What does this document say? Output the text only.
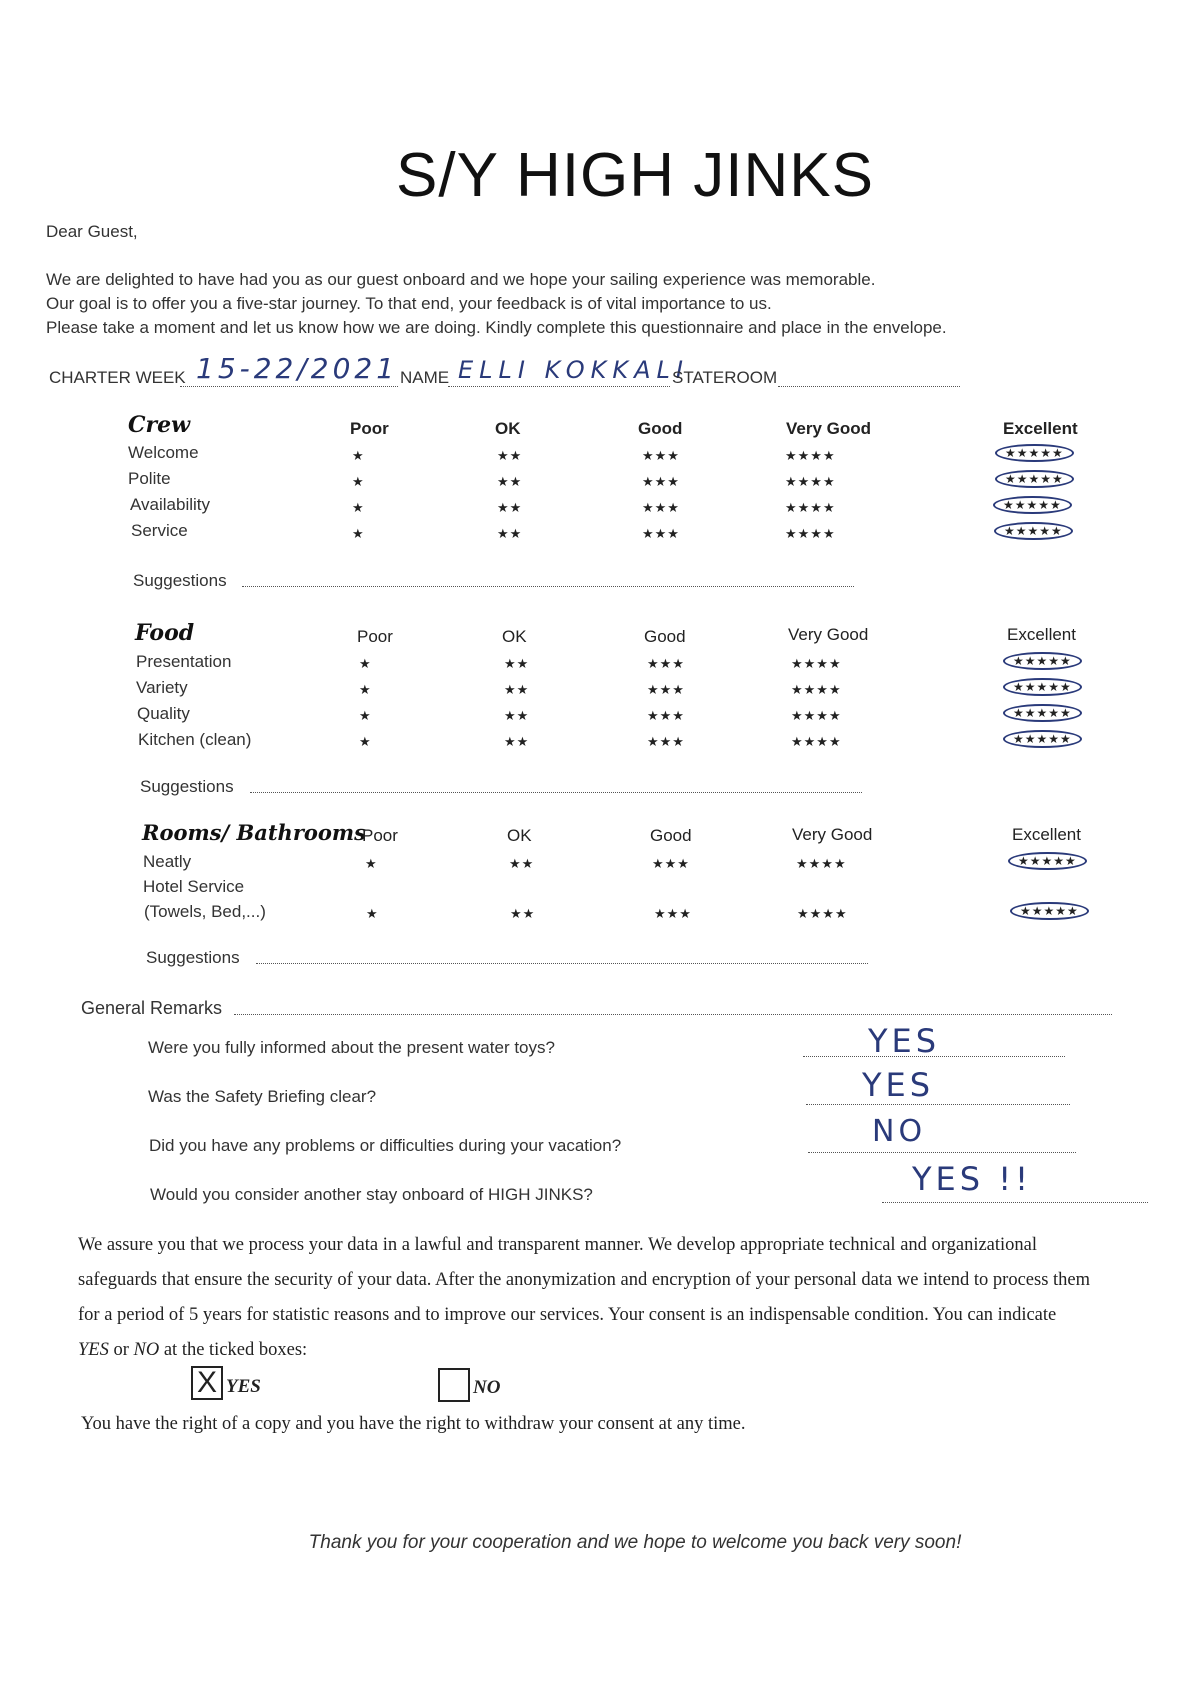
S/Y HIGH JINKS
Dear Guest,
We are delighted to have had you as our guest onboard and we hope your sailing experience was memorable.
Our goal is to offer you a five-star journey. To that end, your feedback is of vital importance to us.
Please take a moment and let us know how we are doing. Kindly complete this questionnaire and place in the envelope.
CHARTER WEEK 15-22/2021 NAME ELLI KOKKALI
STATEROOM
Crew	Poor	OK	Good	Very Good	Excellent
Welcome	★	★★	★★★	★★★★	★★★★★
Polite	★	★★	★★★	★★★★	★★★★★
Availability	★	★★	★★★	★★★★	★★★★★
Service	★	★★	★★★	★★★★	★★★★★
Suggestions
Food	Poor	OK	Good	Very Good	Excellent
Presentation	★	★★	★★★	★★★★	★★★★★
Variety	★	★★	★★★	★★★★	★★★★★
Quality	★	★★	★★★	★★★★	★★★★★
Kitchen (clean)	★	★★	★★★	★★★★	★★★★★
Suggestions
Rooms/ Bathrooms
Poor	OK	Good	Very Good	Excellent
Neatly	★	★★	★★★	★★★★	★★★★★
Hotel Service
(Towels, Bed,...)	★	★★	★★★	★★★★	★★★★★
Suggestions
General Remarks
Were you fully informed about the present water toys?	YES
Was the Safety Briefing clear?	YES
Did you have any problems or difficulties during your vacation?	NO
Would you consider another stay onboard of HIGH JINKS?	YES !!
We assure you that we process your data in a lawful and transparent manner. We develop appropriate technical and organizational
safeguards that ensure the security of your data. After the anonymization and encryption of your personal data we intend to process them
for a period of 5 years for statistic reasons and to improve our services. Your consent is an indispensable condition. You can indicate
YES or NO at the ticked boxes:
X YES	NO
You have the right of a copy and you have the right to withdraw your consent at any time.
Thank you for your cooperation and we hope to welcome you back very soon!
